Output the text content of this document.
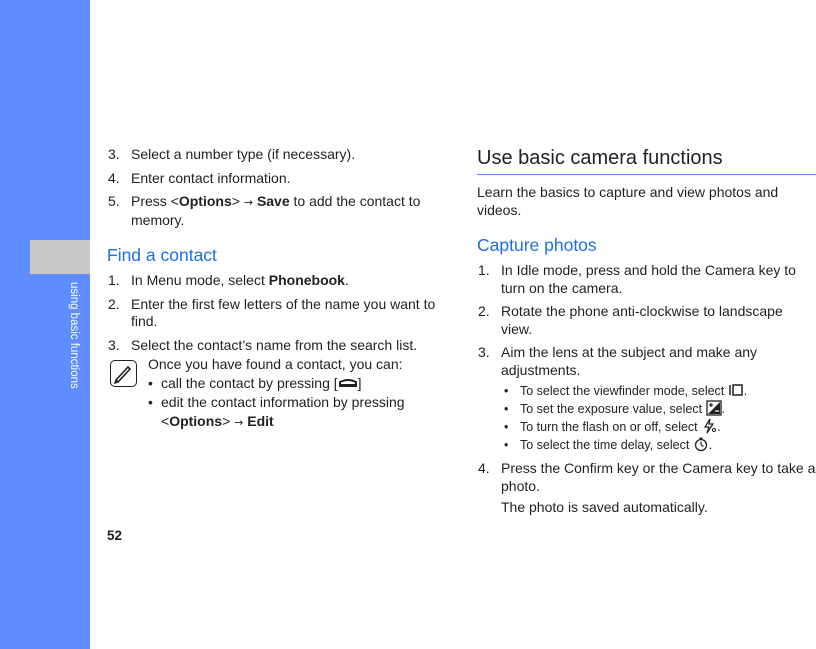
using basic functions
52
3. Select a number type (if necessary).
4. Enter contact information.
5. Press <Options> → Save to add the contact to memory.
Find a contact
1. In Menu mode, select Phonebook.
2. Enter the first few letters of the name you want to find.
3. Select the contact’s name from the search list.
Once you have found a contact, you can:
• call the contact by pressing [ ]
• edit the contact information by pressing <Options> → Edit
Use basic camera functions

Learn the basics to capture and view photos and videos.

Capture photos
1. In Idle mode, press and hold the Camera key to turn on the camera.
2. Rotate the phone anti-clockwise to landscape view.
3. Aim the lens at the subject and make any adjustments.
• To select the viewfinder mode, select .
• To set the exposure value, select .
• To turn the flash on or off, select .
• To select the time delay, select .
4. Press the Confirm key or the Camera key to take a photo.
The photo is saved automatically.
